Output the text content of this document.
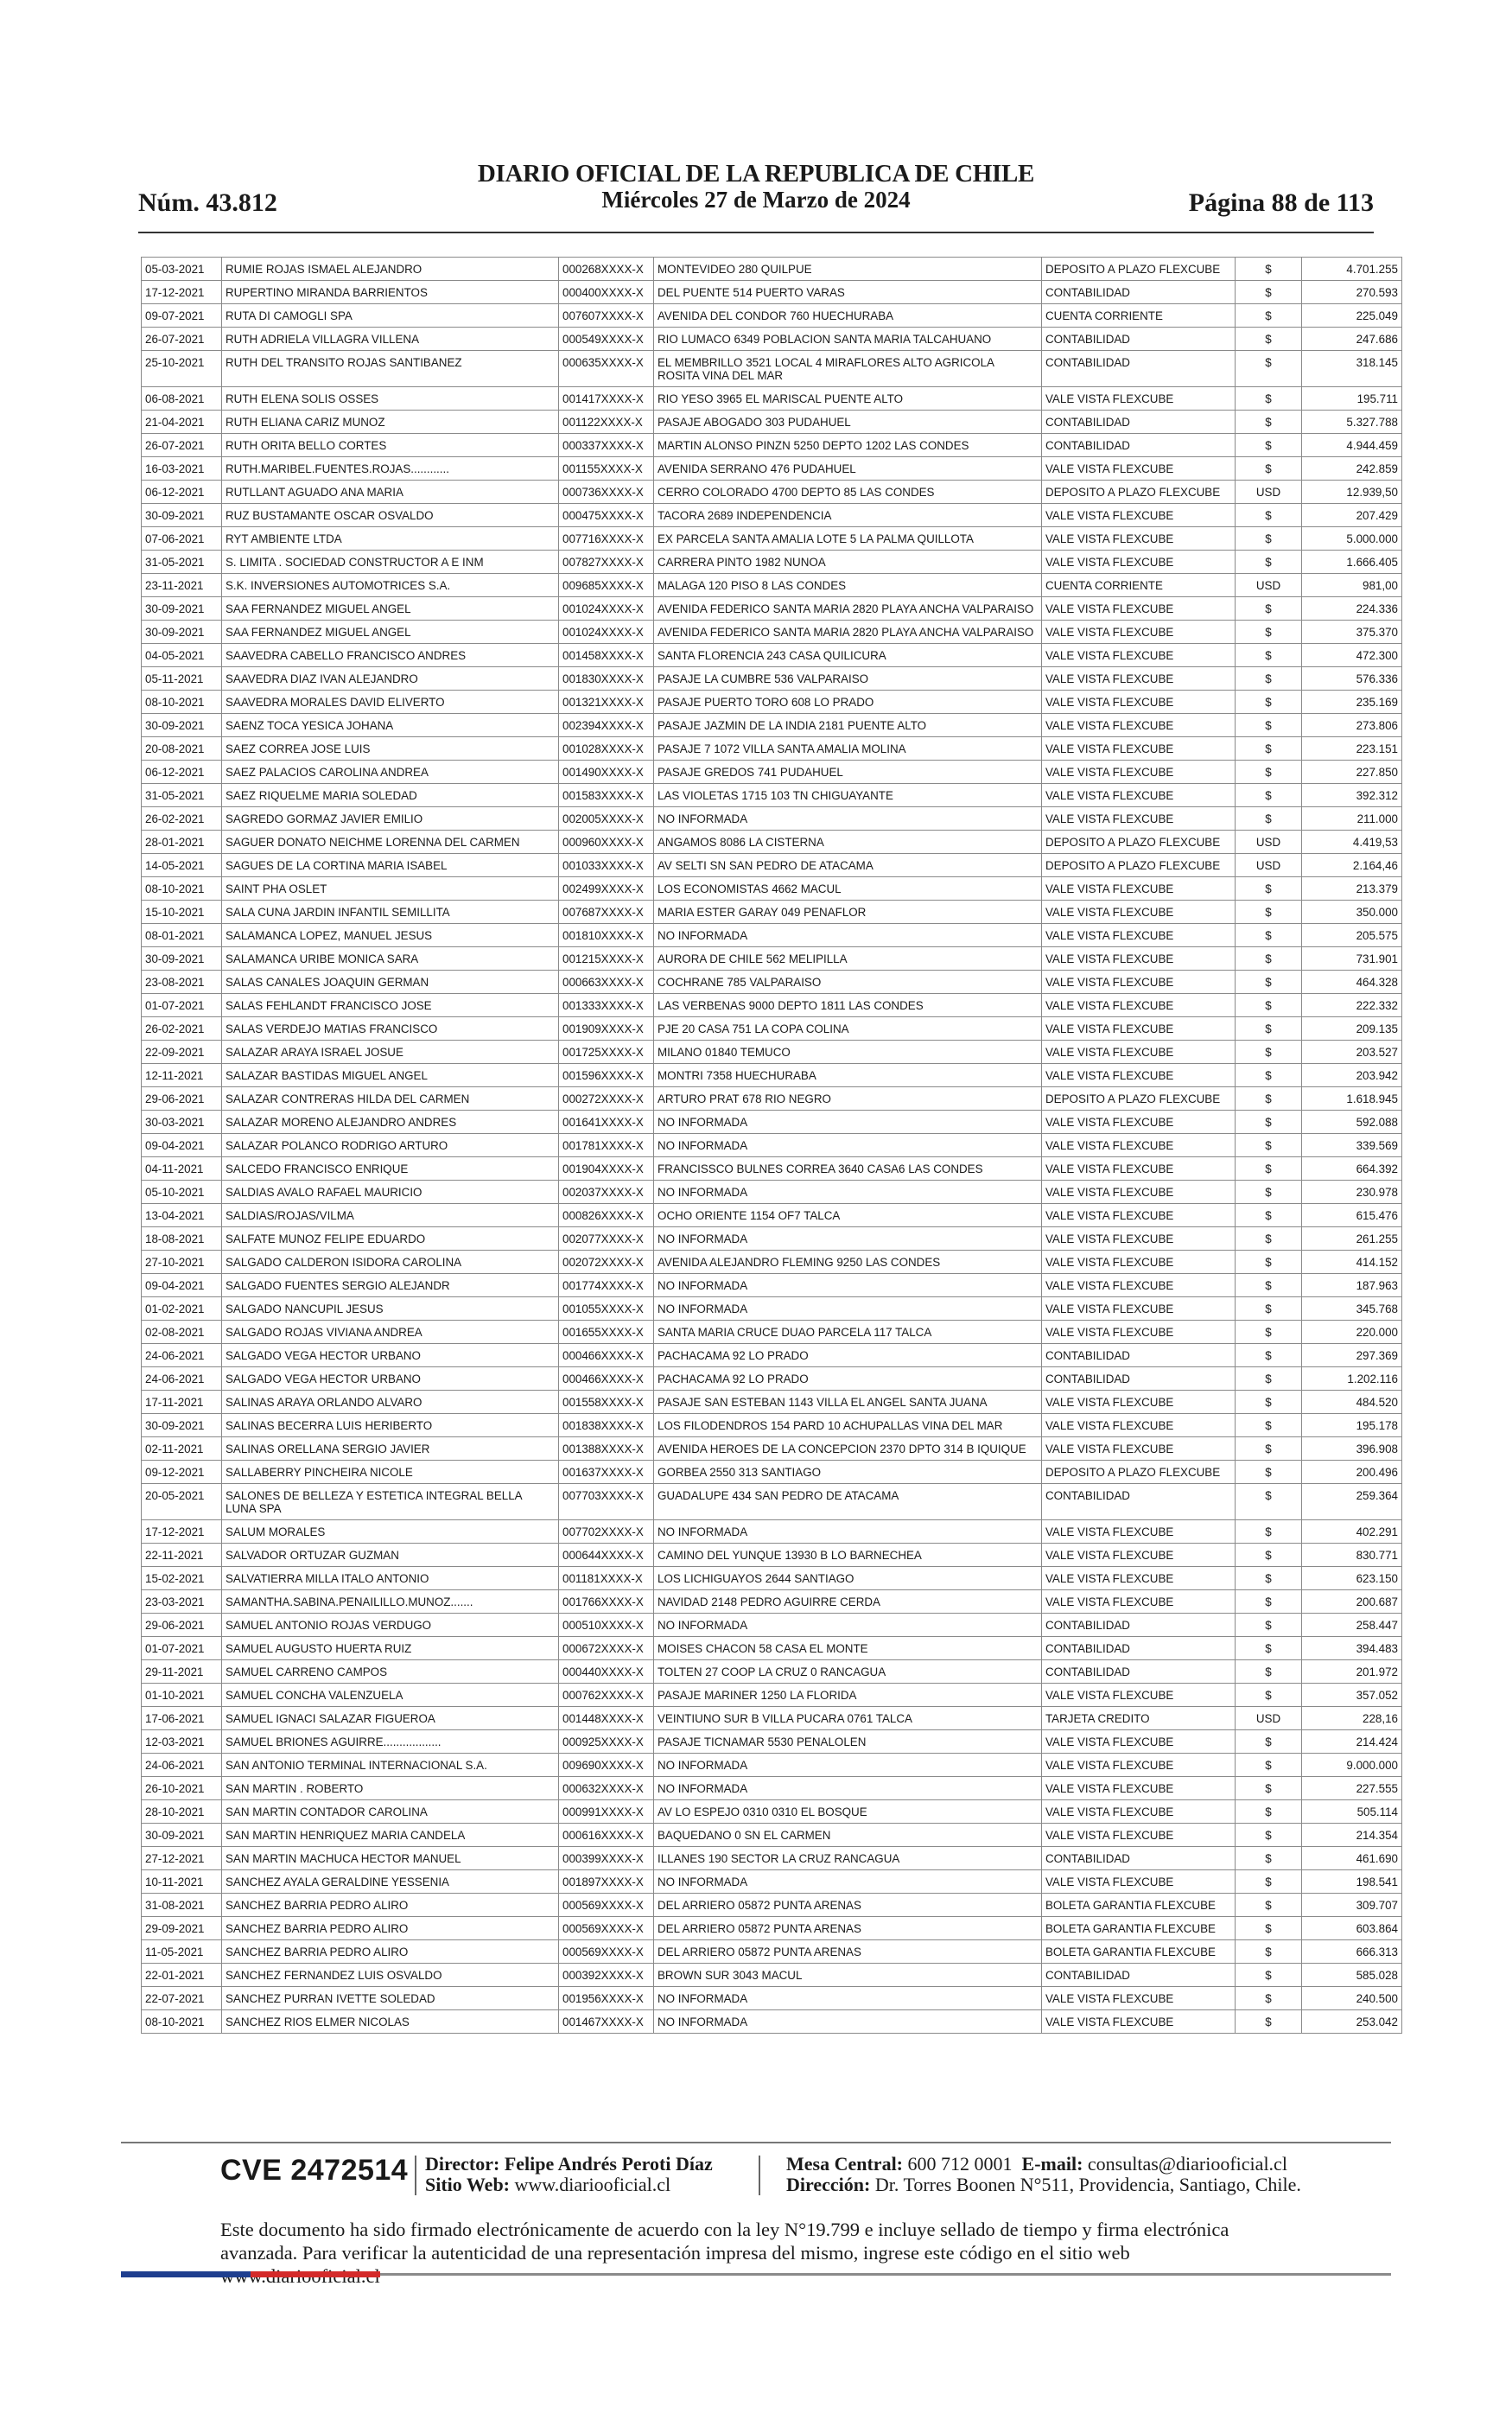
Núm. 43.812
DIARIO OFICIAL DE LA REPUBLICA DE CHILE
Miércoles 27 de Marzo de 2024	Página 88 de 113
05-03-2021	RUMIE ROJAS ISMAEL ALEJANDRO	000268XXXX-X	MONTEVIDEO 280 QUILPUE	DEPOSITO A PLAZO FLEXCUBE	$	4.701.255
17-12-2021	RUPERTINO MIRANDA BARRIENTOS	000400XXXX-X	DEL PUENTE 514 PUERTO VARAS	CONTABILIDAD	$	270.593
09-07-2021	RUTA DI CAMOGLI SPA	007607XXXX-X	AVENIDA DEL CONDOR 760 HUECHURABA	CUENTA CORRIENTE	$	225.049
26-07-2021	RUTH ADRIELA VILLAGRA VILLENA	000549XXXX-X	RIO LUMACO 6349 POBLACION SANTA MARIA TALCAHUANO	CONTABILIDAD	$	247.686
25-10-2021	RUTH DEL TRANSITO ROJAS SANTIBANEZ	000635XXXX-X	EL MEMBRILLO 3521 LOCAL 4 MIRAFLORES ALTO AGRICOLA ROSITA VINA DEL MAR	CONTABILIDAD	$	318.145
06-08-2021	RUTH ELENA SOLIS OSSES	001417XXXX-X	RIO YESO 3965 EL MARISCAL PUENTE ALTO	VALE VISTA FLEXCUBE	$	195.711
21-04-2021	RUTH ELIANA CARIZ MUNOZ	001122XXXX-X	PASAJE ABOGADO 303 PUDAHUEL	CONTABILIDAD	$	5.327.788
26-07-2021	RUTH ORITA BELLO CORTES	000337XXXX-X	MARTIN ALONSO PINZN 5250 DEPTO 1202 LAS CONDES	CONTABILIDAD	$	4.944.459
16-03-2021	RUTH.MARIBEL.FUENTES.ROJAS............	001155XXXX-X	AVENIDA SERRANO 476 PUDAHUEL	VALE VISTA FLEXCUBE	$	242.859
06-12-2021	RUTLLANT AGUADO ANA MARIA	000736XXXX-X	CERRO COLORADO 4700 DEPTO 85 LAS CONDES	DEPOSITO A PLAZO FLEXCUBE	USD	12.939,50
30-09-2021	RUZ BUSTAMANTE OSCAR OSVALDO	000475XXXX-X	TACORA 2689 INDEPENDENCIA	VALE VISTA FLEXCUBE	$	207.429
07-06-2021	RYT AMBIENTE LTDA	007716XXXX-X	EX PARCELA SANTA AMALIA LOTE 5 LA PALMA QUILLOTA	VALE VISTA FLEXCUBE	$	5.000.000
31-05-2021	S. LIMITA . SOCIEDAD CONSTRUCTOR A E INM	007827XXXX-X	CARRERA PINTO 1982 NUNOA	VALE VISTA FLEXCUBE	$	1.666.405
23-11-2021	S.K. INVERSIONES AUTOMOTRICES S.A.	009685XXXX-X	MALAGA 120 PISO 8 LAS CONDES	CUENTA CORRIENTE	USD	981,00
30-09-2021	SAA FERNANDEZ MIGUEL ANGEL	001024XXXX-X	AVENIDA FEDERICO SANTA MARIA 2820 PLAYA ANCHA VALPARAISO	VALE VISTA FLEXCUBE	$	224.336
30-09-2021	SAA FERNANDEZ MIGUEL ANGEL	001024XXXX-X	AVENIDA FEDERICO SANTA MARIA 2820 PLAYA ANCHA VALPARAISO	VALE VISTA FLEXCUBE	$	375.370
04-05-2021	SAAVEDRA CABELLO FRANCISCO ANDRES	001458XXXX-X	SANTA FLORENCIA 243 CASA QUILICURA	VALE VISTA FLEXCUBE	$	472.300
05-11-2021	SAAVEDRA DIAZ IVAN ALEJANDRO	001830XXXX-X	PASAJE LA CUMBRE 536 VALPARAISO	VALE VISTA FLEXCUBE	$	576.336
08-10-2021	SAAVEDRA MORALES DAVID ELIVERTO	001321XXXX-X	PASAJE PUERTO TORO 608 LO PRADO	VALE VISTA FLEXCUBE	$	235.169
30-09-2021	SAENZ TOCA YESICA JOHANA	002394XXXX-X	PASAJE JAZMIN DE LA INDIA 2181 PUENTE ALTO	VALE VISTA FLEXCUBE	$	273.806
20-08-2021	SAEZ CORREA JOSE LUIS	001028XXXX-X	PASAJE 7 1072 VILLA SANTA AMALIA MOLINA	VALE VISTA FLEXCUBE	$	223.151
06-12-2021	SAEZ PALACIOS CAROLINA ANDREA	001490XXXX-X	PASAJE GREDOS 741 PUDAHUEL	VALE VISTA FLEXCUBE	$	227.850
31-05-2021	SAEZ RIQUELME MARIA SOLEDAD	001583XXXX-X	LAS VIOLETAS 1715 103 TN CHIGUAYANTE	VALE VISTA FLEXCUBE	$	392.312
26-02-2021	SAGREDO GORMAZ JAVIER EMILIO	002005XXXX-X	NO INFORMADA	VALE VISTA FLEXCUBE	$	211.000
28-01-2021	SAGUER DONATO NEICHME LORENNA DEL CARMEN	000960XXXX-X	ANGAMOS 8086 LA CISTERNA	DEPOSITO A PLAZO FLEXCUBE	USD	4.419,53
14-05-2021	SAGUES DE LA CORTINA MARIA ISABEL	001033XXXX-X	AV SELTI SN SAN PEDRO DE ATACAMA	DEPOSITO A PLAZO FLEXCUBE	USD	2.164,46
08-10-2021	SAINT PHA OSLET	002499XXXX-X	LOS ECONOMISTAS 4662 MACUL	VALE VISTA FLEXCUBE	$	213.379
15-10-2021	SALA CUNA JARDIN INFANTIL SEMILLITA	007687XXXX-X	MARIA ESTER GARAY 049 PENAFLOR	VALE VISTA FLEXCUBE	$	350.000
08-01-2021	SALAMANCA LOPEZ, MANUEL JESUS	001810XXXX-X	NO INFORMADA	VALE VISTA FLEXCUBE	$	205.575
30-09-2021	SALAMANCA URIBE MONICA SARA	001215XXXX-X	AURORA DE CHILE 562 MELIPILLA	VALE VISTA FLEXCUBE	$	731.901
23-08-2021	SALAS CANALES JOAQUIN GERMAN	000663XXXX-X	COCHRANE 785 VALPARAISO	VALE VISTA FLEXCUBE	$	464.328
01-07-2021	SALAS FEHLANDT FRANCISCO JOSE	001333XXXX-X	LAS VERBENAS 9000 DEPTO 1811 LAS CONDES	VALE VISTA FLEXCUBE	$	222.332
26-02-2021	SALAS VERDEJO MATIAS FRANCISCO	001909XXXX-X	PJE 20 CASA 751 LA COPA COLINA	VALE VISTA FLEXCUBE	$	209.135
22-09-2021	SALAZAR ARAYA ISRAEL JOSUE	001725XXXX-X	MILANO 01840 TEMUCO	VALE VISTA FLEXCUBE	$	203.527
12-11-2021	SALAZAR BASTIDAS MIGUEL ANGEL	001596XXXX-X	MONTRI 7358 HUECHURABA	VALE VISTA FLEXCUBE	$	203.942
29-06-2021	SALAZAR CONTRERAS HILDA DEL CARMEN	000272XXXX-X	ARTURO PRAT 678 RIO NEGRO	DEPOSITO A PLAZO FLEXCUBE	$	1.618.945
30-03-2021	SALAZAR MORENO ALEJANDRO ANDRES	001641XXXX-X	NO INFORMADA	VALE VISTA FLEXCUBE	$	592.088
09-04-2021	SALAZAR POLANCO RODRIGO ARTURO	001781XXXX-X	NO INFORMADA	VALE VISTA FLEXCUBE	$	339.569
04-11-2021	SALCEDO FRANCISCO ENRIQUE	001904XXXX-X	FRANCISSCO BULNES CORREA 3640 CASA6 LAS CONDES	VALE VISTA FLEXCUBE	$	664.392
05-10-2021	SALDIAS AVALO RAFAEL MAURICIO	002037XXXX-X	NO INFORMADA	VALE VISTA FLEXCUBE	$	230.978
13-04-2021	SALDIAS/ROJAS/VILMA	000826XXXX-X	OCHO ORIENTE 1154 OF7 TALCA	VALE VISTA FLEXCUBE	$	615.476
18-08-2021	SALFATE MUNOZ FELIPE EDUARDO	002077XXXX-X	NO INFORMADA	VALE VISTA FLEXCUBE	$	261.255
27-10-2021	SALGADO CALDERON ISIDORA CAROLINA	002072XXXX-X	AVENIDA ALEJANDRO FLEMING 9250 LAS CONDES	VALE VISTA FLEXCUBE	$	414.152
09-04-2021	SALGADO FUENTES SERGIO ALEJANDR	001774XXXX-X	NO INFORMADA	VALE VISTA FLEXCUBE	$	187.963
01-02-2021	SALGADO NANCUPIL JESUS	001055XXXX-X	NO INFORMADA	VALE VISTA FLEXCUBE	$	345.768
02-08-2021	SALGADO ROJAS VIVIANA ANDREA	001655XXXX-X	SANTA MARIA CRUCE DUAO PARCELA 117 TALCA	VALE VISTA FLEXCUBE	$	220.000
24-06-2021	SALGADO VEGA HECTOR URBANO	000466XXXX-X	PACHACAMA 92 LO PRADO	CONTABILIDAD	$	297.369
24-06-2021	SALGADO VEGA HECTOR URBANO	000466XXXX-X	PACHACAMA 92 LO PRADO	CONTABILIDAD	$	1.202.116
17-11-2021	SALINAS ARAYA ORLANDO ALVARO	001558XXXX-X	PASAJE SAN ESTEBAN 1143 VILLA EL ANGEL SANTA JUANA	VALE VISTA FLEXCUBE	$	484.520
30-09-2021	SALINAS BECERRA LUIS HERIBERTO	001838XXXX-X	LOS FILODENDROS 154 PARD 10 ACHUPALLAS VINA DEL MAR	VALE VISTA FLEXCUBE	$	195.178
02-11-2021	SALINAS ORELLANA SERGIO JAVIER	001388XXXX-X	AVENIDA HEROES DE LA CONCEPCION 2370 DPTO 314 B IQUIQUE	VALE VISTA FLEXCUBE	$	396.908
09-12-2021	SALLABERRY PINCHEIRA NICOLE	001637XXXX-X	GORBEA 2550 313 SANTIAGO	DEPOSITO A PLAZO FLEXCUBE	$	200.496
20-05-2021	SALONES DE BELLEZA Y ESTETICA INTEGRAL BELLA LUNA SPA	007703XXXX-X	GUADALUPE 434 SAN PEDRO DE ATACAMA	CONTABILIDAD	$	259.364
17-12-2021	SALUM MORALES	007702XXXX-X	NO INFORMADA	VALE VISTA FLEXCUBE	$	402.291
22-11-2021	SALVADOR ORTUZAR GUZMAN	000644XXXX-X	CAMINO DEL YUNQUE 13930 B LO BARNECHEA	VALE VISTA FLEXCUBE	$	830.771
15-02-2021	SALVATIERRA MILLA ITALO ANTONIO	001181XXXX-X	LOS LICHIGUAYOS 2644 SANTIAGO	VALE VISTA FLEXCUBE	$	623.150
23-03-2021	SAMANTHA.SABINA.PENAILILLO.MUNOZ.......	001766XXXX-X	NAVIDAD 2148 PEDRO AGUIRRE CERDA	VALE VISTA FLEXCUBE	$	200.687
29-06-2021	SAMUEL ANTONIO ROJAS VERDUGO	000510XXXX-X	NO INFORMADA	CONTABILIDAD	$	258.447
01-07-2021	SAMUEL AUGUSTO HUERTA RUIZ	000672XXXX-X	MOISES CHACON 58 CASA EL MONTE	CONTABILIDAD	$	394.483
29-11-2021	SAMUEL CARRENO CAMPOS	000440XXXX-X	TOLTEN 27 COOP LA CRUZ 0 RANCAGUA	CONTABILIDAD	$	201.972
01-10-2021	SAMUEL CONCHA VALENZUELA	000762XXXX-X	PASAJE MARINER 1250 LA FLORIDA	VALE VISTA FLEXCUBE	$	357.052
17-06-2021	SAMUEL IGNACI SALAZAR FIGUEROA	001448XXXX-X	VEINTIUNO SUR B VILLA PUCARA 0761 TALCA	TARJETA CREDITO	USD	228,16
12-03-2021	SAMUEL BRIONES AGUIRRE..................	000925XXXX-X	PASAJE TICNAMAR 5530 PENALOLEN	VALE VISTA FLEXCUBE	$	214.424
24-06-2021	SAN ANTONIO TERMINAL INTERNACIONAL S.A.	009690XXXX-X	NO INFORMADA	VALE VISTA FLEXCUBE	$	9.000.000
26-10-2021	SAN MARTIN . ROBERTO	000632XXXX-X	NO INFORMADA	VALE VISTA FLEXCUBE	$	227.555
28-10-2021	SAN MARTIN CONTADOR CAROLINA	000991XXXX-X	AV LO ESPEJO 0310 0310 EL BOSQUE	VALE VISTA FLEXCUBE	$	505.114
30-09-2021	SAN MARTIN HENRIQUEZ MARIA CANDELA	000616XXXX-X	BAQUEDANO 0 SN EL CARMEN	VALE VISTA FLEXCUBE	$	214.354
27-12-2021	SAN MARTIN MACHUCA HECTOR MANUEL	000399XXXX-X	ILLANES 190 SECTOR LA CRUZ RANCAGUA	CONTABILIDAD	$	461.690
10-11-2021	SANCHEZ AYALA GERALDINE YESSENIA	001897XXXX-X	NO INFORMADA	VALE VISTA FLEXCUBE	$	198.541
31-08-2021	SANCHEZ BARRIA PEDRO ALIRO	000569XXXX-X	DEL ARRIERO 05872 PUNTA ARENAS	BOLETA GARANTIA FLEXCUBE	$	309.707
29-09-2021	SANCHEZ BARRIA PEDRO ALIRO	000569XXXX-X	DEL ARRIERO 05872 PUNTA ARENAS	BOLETA GARANTIA FLEXCUBE	$	603.864
11-05-2021	SANCHEZ BARRIA PEDRO ALIRO	000569XXXX-X	DEL ARRIERO 05872 PUNTA ARENAS	BOLETA GARANTIA FLEXCUBE	$	666.313
22-01-2021	SANCHEZ FERNANDEZ LUIS OSVALDO	000392XXXX-X	BROWN SUR 3043 MACUL	CONTABILIDAD	$	585.028
22-07-2021	SANCHEZ PURRAN IVETTE SOLEDAD	001956XXXX-X	NO INFORMADA	VALE VISTA FLEXCUBE	$	240.500
08-10-2021	SANCHEZ RIOS ELMER NICOLAS	001467XXXX-X	NO INFORMADA	VALE VISTA FLEXCUBE	$	253.042
CVE 2472514 Director: Felipe Andrés Peroti Díaz
Sitio Web: www.diariooficial.cl
Mesa Central: 600 712 0001 E-mail: consultas@diariooficial.cl
Dirección: Dr. Torres Boonen N°511, Providencia, Santiago, Chile.
Este documento ha sido firmado electrónicamente de acuerdo con la ley N°19.799 e incluye sellado de tiempo y firma electrónica
avanzada. Para verificar la autenticidad de una representación impresa del mismo, ingrese este código en el sitio web
